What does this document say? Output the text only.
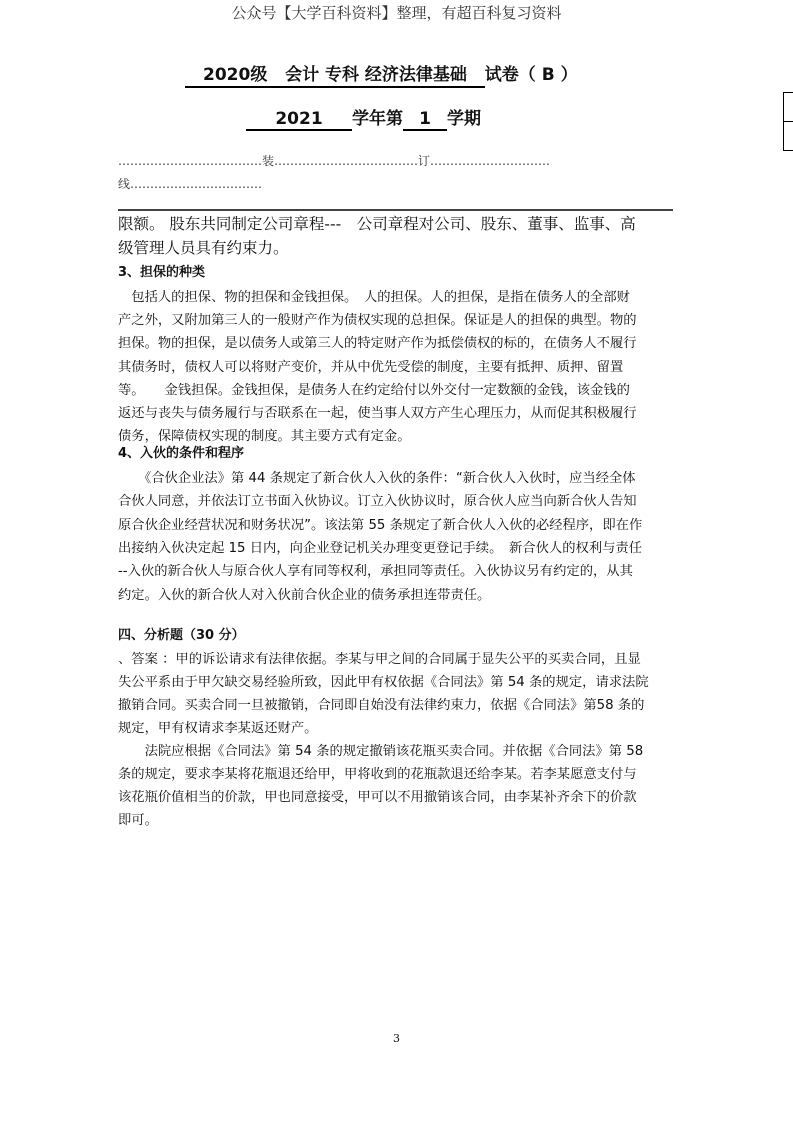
公众号【大学百科资料】整理，有超百科复习资料
2020级 会计 专科 经济法律基础 试卷（ B ）
2021 学年第 1 学期
………………………………装………………………………订…………………………
线……………………………
限额。 股东共同制定公司章程---　公司章程对公司、股东、董事、监事、高
级管理人员具有约束力。
3、担保的种类
　包括人的担保、物的担保和金钱担保。　人的担保。人的担保，是指在债务人的全部财
产之外，又附加第三人的一般财产作为债权实现的总担保。保证是人的担保的典型。物的
担保。物的担保，是以债务人或第三人的特定财产作为抵偿债权的标的，在债务人不履行
其债务时，债权人可以将财产变价，并从中优先受偿的制度，主要有抵押、质押、留置
等。　　金钱担保。金钱担保，是债务人在约定给付以外交付一定数额的金钱，该金钱的
返还与丧失与债务履行与否联系在一起，使当事人双方产生心理压力，从而促其积极履行
债务，保障债权实现的制度。其主要方式有定金。
4、入伙的条件和程序
　　《合伙企业法》第 44 条规定了新合伙人入伙的条件：“新合伙人入伙时，应当经全体
合伙人同意，并依法订立书面入伙协议。订立入伙协议时，原合伙人应当向新合伙人告知
原合伙企业经营状况和财务状况”。该法第 55 条规定了新合伙人入伙的必经程序，即在作
出接纳入伙决定起 15 日内，向企业登记机关办理变更登记手续。　新合伙人的权利与责任
--入伙的新合伙人与原合伙人享有同等权利，承担同等责任。入伙协议另有约定的，从其
约定。入伙的新合伙人对入伙前合伙企业的债务承担连带责任。
四、分析题（30 分）
、答案 ：甲的诉讼请求有法律依据。李某与甲之间的合同属于显失公平的买卖合同，且显
失公平系由于甲欠缺交易经验所致，因此甲有权依据《合同法》第 54 条的规定，请求法院
撤销合同。买卖合同一旦被撤销，合同即自始没有法律约束力，依据《合同法》第58 条的
规定，甲有权请求李某返还财产。
　　法院应根据《合同法》第 54 条的规定撤销该花瓶买卖合同。并依据《合同法》第 58
条的规定，要求李某将花瓶退还给甲，甲将收到的花瓶款退还给李某。若李某愿意支付与
该花瓶价值相当的价款，甲也同意接受，甲可以不用撤销该合同，由李某补齐余下的价款
即可。
3
